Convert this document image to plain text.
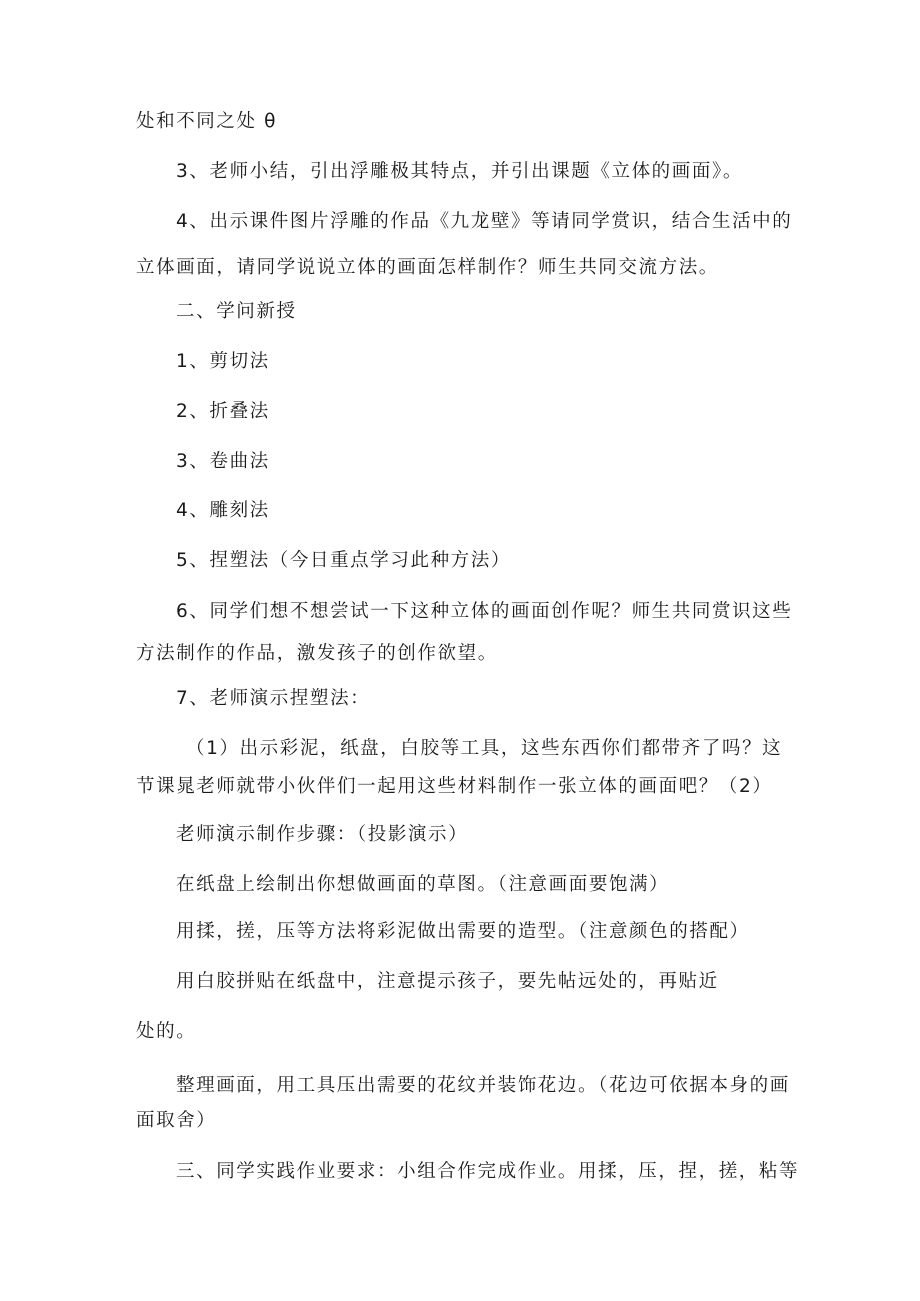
处和不同之处 θ
3、老师小结，引出浮雕极其特点，并引出课题《立体的画面》。
4、出示课件图片浮雕的作品《九龙壁》等请同学赏识，结合生活中的
立体画面，请同学说说立体的画面怎样制作？师生共同交流方法。
二、学问新授
1、剪切法
2、折叠法
3、卷曲法
4、雕刻法
5、捏塑法（今日重点学习此种方法）
6、同学们想不想尝试一下这种立体的画面创作呢？师生共同赏识这些
方法制作的作品，激发孩子的创作欲望。
7、老师演示捏塑法：
（1）出示彩泥，纸盘，白胶等工具，这些东西你们都带齐了吗？这
节课晁老师就带小伙伴们一起用这些材料制作一张立体的画面吧？（2）
老师演示制作步骤：（投影演示）
在纸盘上绘制出你想做画面的草图。（注意画面要饱满）
用揉，搓，压等方法将彩泥做出需要的造型。（注意颜色的搭配）
用白胶拼贴在纸盘中，注意提示孩子，要先帖远处的，再贴近
处的。
整理画面，用工具压出需要的花纹并装饰花边。（花边可依据本身的画
面取舍）
三、同学实践作业要求：小组合作完成作业。用揉，压，捏，搓，粘等
